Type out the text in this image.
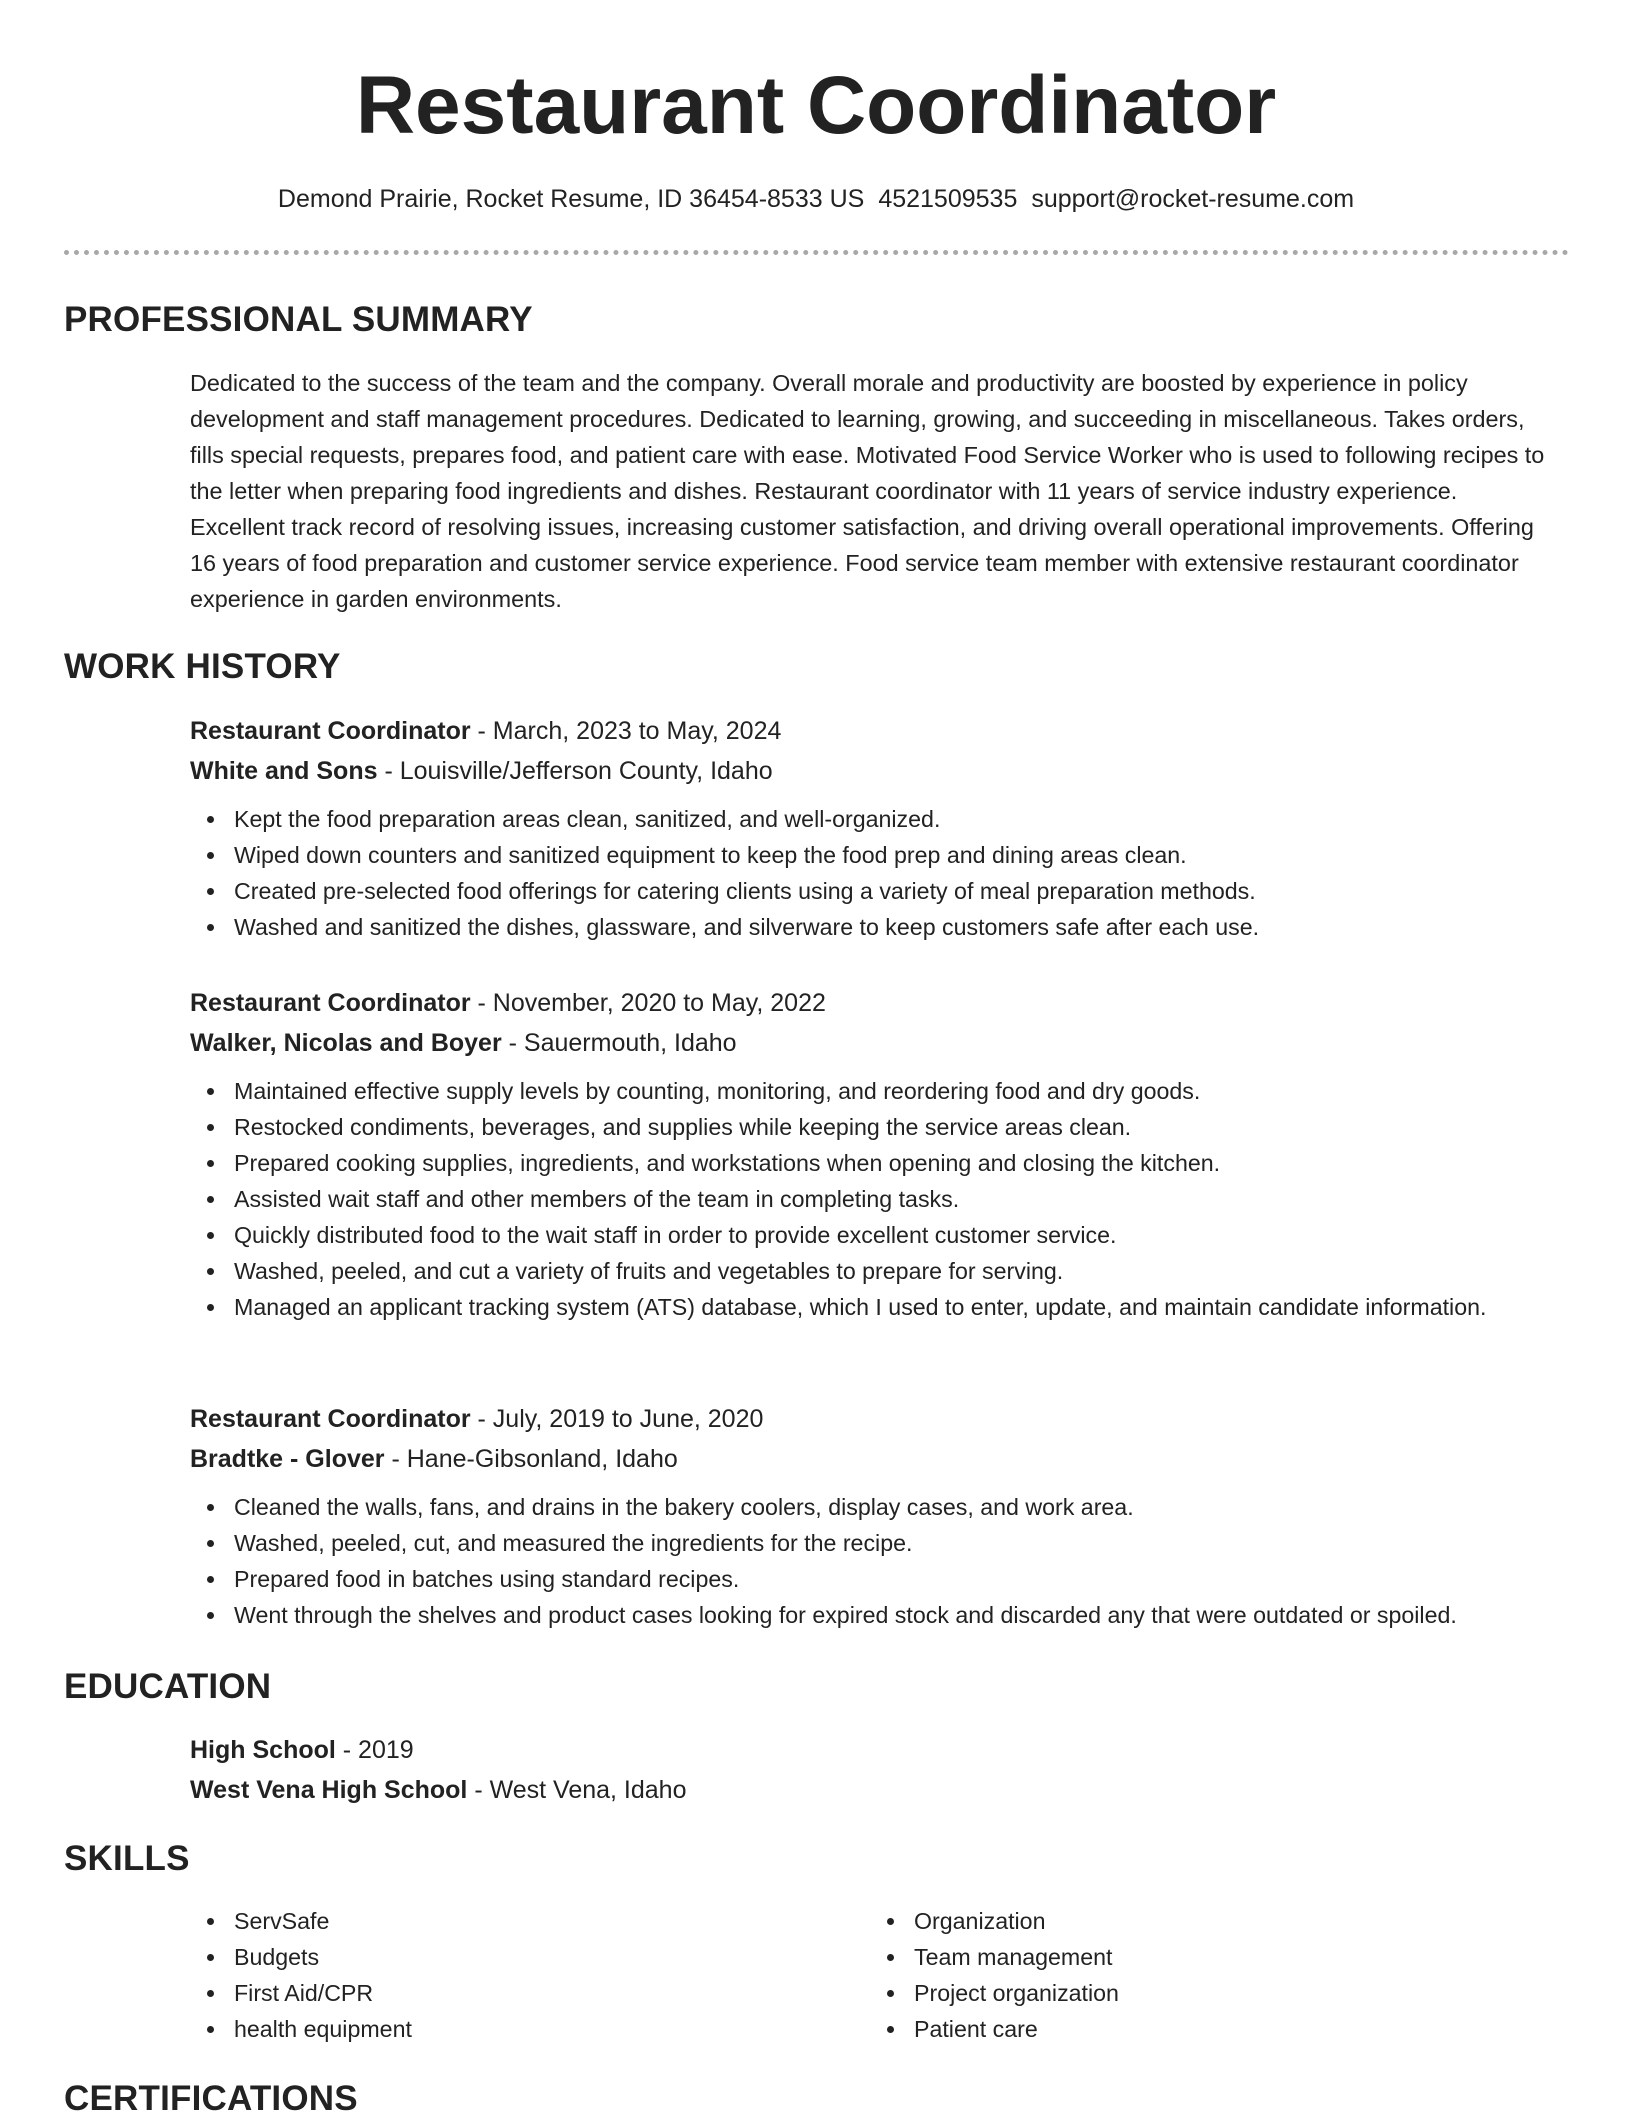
Restaurant Coordinator
Demond Prairie, Rocket Resume, ID 36454-8533 US 4521509535 support@rocket-resume.com
PROFESSIONAL SUMMARY
Dedicated to the success of the team and the company. Overall morale and productivity are boosted by experience in policy development and staff management procedures. Dedicated to learning, growing, and succeeding in miscellaneous. Takes orders, fills special requests, prepares food, and patient care with ease. Motivated Food Service Worker who is used to following recipes to the letter when preparing food ingredients and dishes. Restaurant coordinator with 11 years of service industry experience. Excellent track record of resolving issues, increasing customer satisfaction, and driving overall operational improvements. Offering 16 years of food preparation and customer service experience. Food service team member with extensive restaurant coordinator experience in garden environments.
WORK HISTORY
Restaurant Coordinator - March, 2023 to May, 2024
White and Sons - Louisville/Jefferson County, Idaho
Kept the food preparation areas clean, sanitized, and well-organized.
Wiped down counters and sanitized equipment to keep the food prep and dining areas clean.
Created pre-selected food offerings for catering clients using a variety of meal preparation methods.
Washed and sanitized the dishes, glassware, and silverware to keep customers safe after each use.
Restaurant Coordinator - November, 2020 to May, 2022
Walker, Nicolas and Boyer - Sauermouth, Idaho
Maintained effective supply levels by counting, monitoring, and reordering food and dry goods.
Restocked condiments, beverages, and supplies while keeping the service areas clean.
Prepared cooking supplies, ingredients, and workstations when opening and closing the kitchen.
Assisted wait staff and other members of the team in completing tasks.
Quickly distributed food to the wait staff in order to provide excellent customer service.
Washed, peeled, and cut a variety of fruits and vegetables to prepare for serving.
Managed an applicant tracking system (ATS) database, which I used to enter, update, and maintain candidate information.
Restaurant Coordinator - July, 2019 to June, 2020
Bradtke - Glover - Hane-Gibsonland, Idaho
Cleaned the walls, fans, and drains in the bakery coolers, display cases, and work area.
Washed, peeled, cut, and measured the ingredients for the recipe.
Prepared food in batches using standard recipes.
Went through the shelves and product cases looking for expired stock and discarded any that were outdated or spoiled.
EDUCATION
High School - 2019
West Vena High School - West Vena, Idaho
SKILLS
ServSafe
Budgets
First Aid/CPR
health equipment
Organization
Team management
Project organization
Patient care
CERTIFICATIONS
